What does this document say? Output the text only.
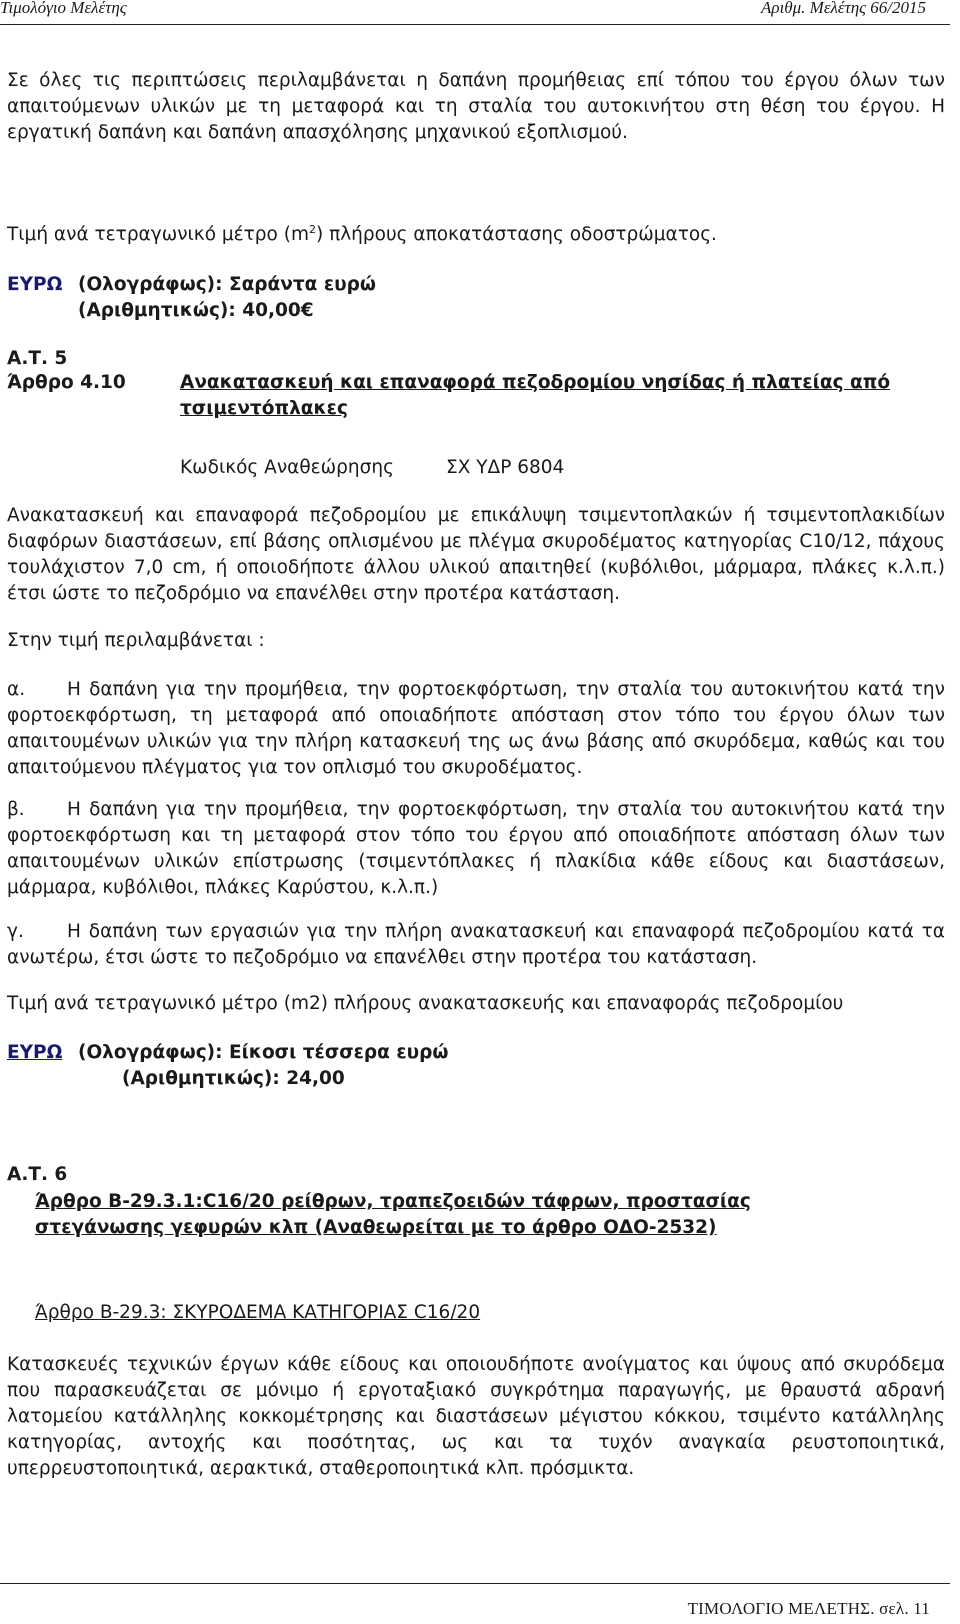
Τιμολόγιο Μελέτης	Αριθμ. Μελέτης 66/2015
Σε όλες τις περιπτώσεις περιλαμβάνεται η δαπάνη προμήθειας επί τόπου του έργου όλων των απαιτούμενων υλικών με τη μεταφορά και τη σταλία του αυτοκινήτου στη θέση του έργου. Η εργατική δαπάνη και δαπάνη απασχόλησης μηχανικού εξοπλισμού.
Τιμή ανά τετραγωνικό μέτρο $(m^2)$ πλήρους αποκατάστασης οδοστρώματος.
ΕΥΡΩ (Ολογράφως): Σαράντα ευρώ
(Αριθμητικώς): 40,00€
Α.Τ. 5
Άρθρο 4.10	Ανακατασκευή και επαναφορά πεζοδρομίου νησίδας ή πλατείας από
τσιμεντόπλακες
Κωδικός Αναθεώρησης	ΣΧ ΥΔΡ 6804
Ανακατασκευή και επαναφορά πεζοδρομίου με επικάλυψη τσιμεντοπλακών ή τσιμεντοπλακιδίων διαφόρων διαστάσεων, επί βάσης οπλισμένου με πλέγμα σκυροδέματος κατηγορίας C10/12, πάχους τουλάχιστον 7,0 cm, ή οποιοδήποτε άλλου υλικού απαιτηθεί (κυβόλιθοι, μάρμαρα, πλάκες κ.λ.π.) έτσι ώστε το πεζοδρόμιο να επανέλθει στην προτέρα κατάσταση.
Στην τιμή περιλαμβάνεται :
α. Η δαπάνη για την προμήθεια, την φορτοεκφόρτωση, την σταλία του αυτοκινήτου κατά την φορτοεκφόρτωση, τη μεταφορά από οποιαδήποτε απόσταση στον τόπο του έργου όλων των απαιτουμένων υλικών για την πλήρη κατασκευή της ως άνω βάσης από σκυρόδεμα, καθώς και του απαιτούμενου πλέγματος για τον οπλισμό του σκυροδέματος.
β. Η δαπάνη για την προμήθεια, την φορτοεκφόρτωση, την σταλία του αυτοκινήτου κατά την φορτοεκφόρτωση και τη μεταφορά στον τόπο του έργου από οποιαδήποτε απόσταση όλων των απαιτουμένων υλικών επίστρωσης (τσιμεντόπλακες ή πλακίδια κάθε είδους και διαστάσεων, μάρμαρα, κυβόλιθοι, πλάκες Καρύστου, κ.λ.π.)
γ. Η δαπάνη των εργασιών για την πλήρη ανακατασκευή και επαναφορά πεζοδρομίου κατά τα ανωτέρω, έτσι ώστε το πεζοδρόμιο να επανέλθει στην προτέρα του κατάσταση.
Τιμή ανά τετραγωνικό μέτρο (m2) πλήρους ανακατασκευής και επαναφοράς πεζοδρομίου
ΕΥΡΩ (Ολογράφως): Είκοσι τέσσερα ευρώ
(Αριθμητικώς): 24,00
Α.Τ. 6
Άρθρο Β-29.3.1:C16/20 ρείθρων, τραπεζοειδών τάφρων, προστασίας
στεγάνωσης γεφυρών κλπ (Αναθεωρείται με το άρθρο ΟΔΟ-2532)
Άρθρο Β-29.3: ΣΚΥΡΟΔΕΜΑ ΚΑΤΗΓΟΡΙΑΣ C16/20
Κατασκευές τεχνικών έργων κάθε είδους και οποιουδήποτε ανοίγματος και ύψους από σκυρόδεμα που παρασκευάζεται σε μόνιμο ή εργοταξιακό συγκρότημα παραγωγής, με θραυστά αδρανή λατομείου κατάλληλης κοκκομέτρησης και διαστάσεων μέγιστου κόκκου, τσιμέντο κατάλληλης κατηγορίας, αντοχής και ποσότητας, ως και τα τυχόν αναγκαία ρευστοποιητικά, υπερρευστοποιητικά, αερακτικά, σταθεροποιητικά κλπ. πρόσμικτα.
ΤΙΜΟΛΟΓΙΟ ΜΕΛΕΤΗΣ. σελ. 11
